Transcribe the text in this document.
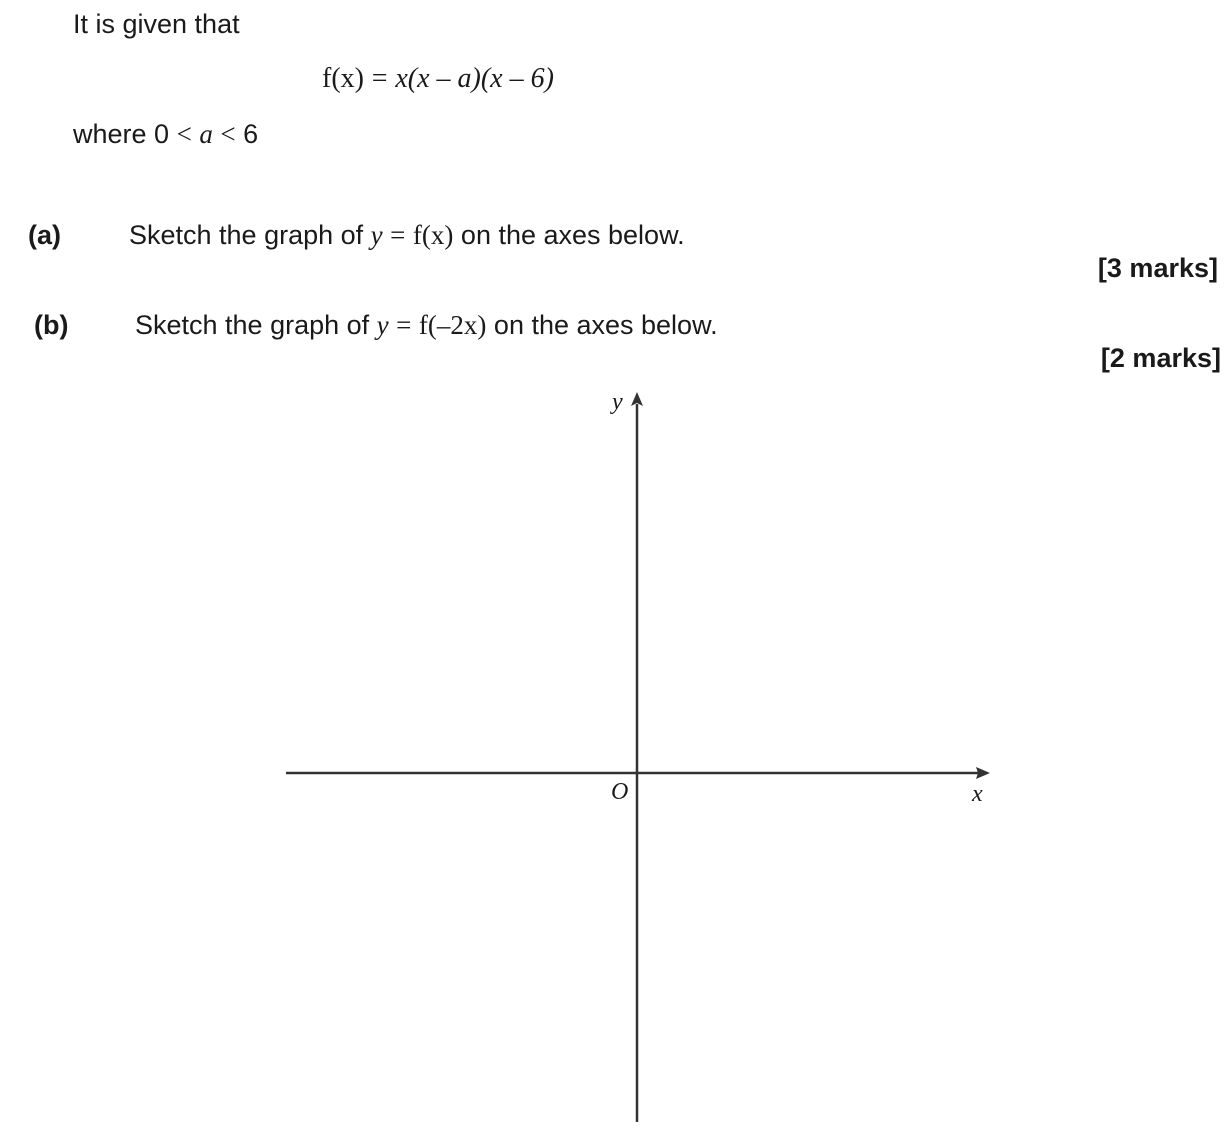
It is given that
f(x) = x(x – a)(x – 6)
where 0 < a < 6
(a)	Sketch the graph of y = f(x) on the axes below.
[3 marks]
(b) Sketch the graph of y = f(–2x) on the axes below.
[2 marks]
y
x
O
